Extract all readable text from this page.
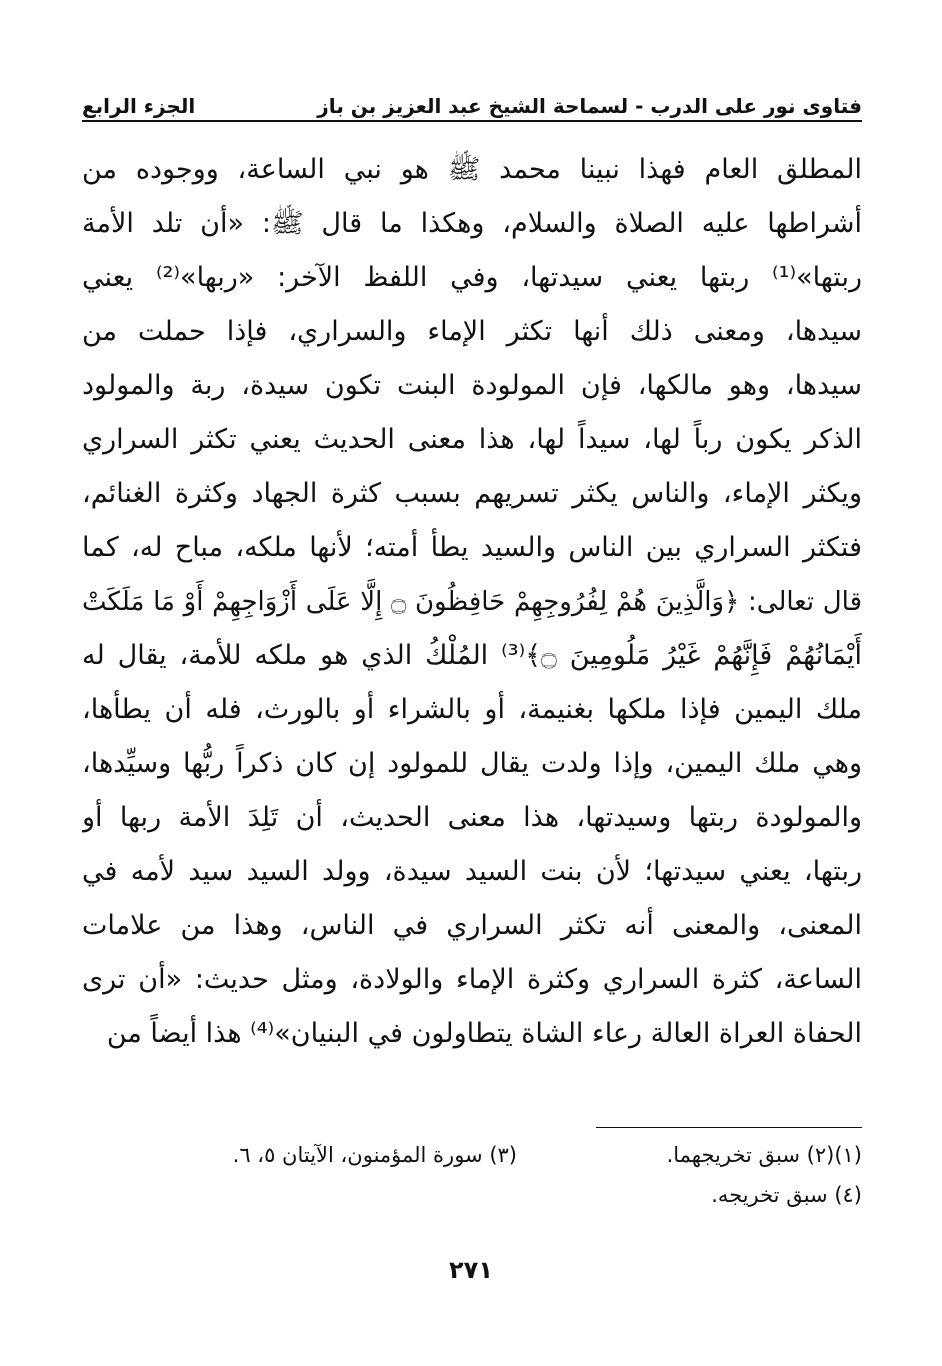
فتاوى نور على الدرب - لسماحة الشيخ عبد العزيز بن باز
الجزء الرابع
المطلق العام فهذا نبينا محمد ﷺ هو نبي الساعة، ووجوده من
أشراطها عليه الصلاة والسلام، وهكذا ما قال ﷺ: «أن تلد الأمة
ربتها»⁽¹⁾ ربتها يعني سيدتها، وفي اللفظ الآخر: «ربها»⁽²⁾ يعني
سيدها، ومعنى ذلك أنها تكثر الإماء والسراري، فإذا حملت من
سيدها، وهو مالكها، فإن المولودة البنت تكون سيدة، ربة والمولود
الذكر يكون رباً لها، سيداً لها، هذا معنى الحديث يعني تكثر السراري
ويكثر الإماء، والناس يكثر تسريهم بسبب كثرة الجهاد وكثرة الغنائم،
فتكثر السراري بين الناس والسيد يطأ أمته؛ لأنها ملكه، مباح له، كما
قال تعالى: ﴿وَالَّذِينَ هُمْ لِفُرُوجِهِمْ حَافِظُونَ ۝ إِلَّا عَلَى أَزْوَاجِهِمْ أَوْ مَا مَلَكَتْ
أَيْمَانُهُمْ فَإِنَّهُمْ غَيْرُ مَلُومِينَ ۝﴾⁽³⁾ المُلْكُ الذي هو ملكه للأمة، يقال له
ملك اليمين فإذا ملكها بغنيمة، أو بالشراء أو بالورث، فله أن يطأها،
وهي ملك اليمين، وإذا ولدت يقال للمولود إن كان ذكراً ربُّها وسيِّدها،
والمولودة ربتها وسيدتها، هذا معنى الحديث، أن تَلِدَ الأمة ربها أو
ربتها، يعني سيدتها؛ لأن بنت السيد سيدة، وولد السيد سيد لأمه في
المعنى، والمعنى أنه تكثر السراري في الناس، وهذا من علامات
الساعة، كثرة السراري وكثرة الإماء والولادة، ومثل حديث: «أن ترى
الحفاة العراة العالة رعاء الشاة يتطاولون في البنيان»⁽⁴⁾ هذا أيضاً من
(١)(٢) سبق تخريجهما.
(٣) سورة المؤمنون، الآيتان ٥، ٦.
(٤) سبق تخريجه.
٢٧١
